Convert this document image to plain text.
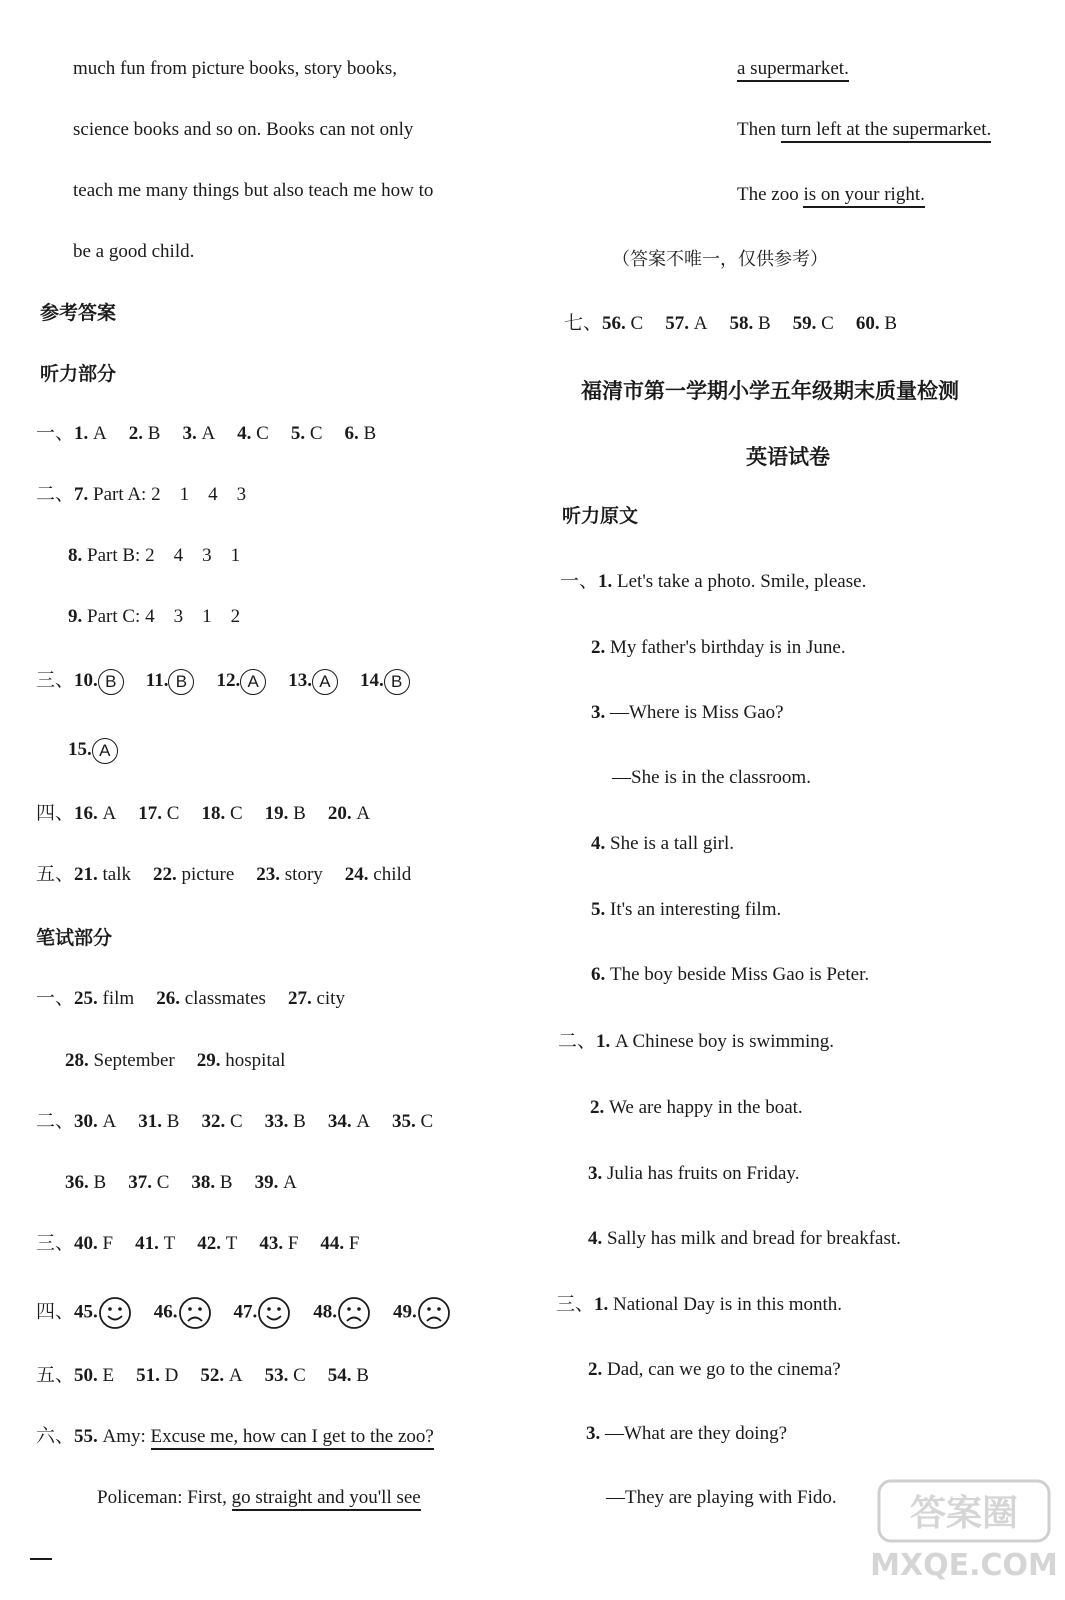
much fun from picture books, story books,
science books and so on. Books can not only
teach me many things but also teach me how to
be a good child.
参考答案
听力部分
一、1. A 2. B 3. A 4. C 5. C 6. B
二、7. Part A: 2　1　4　3
8. Part B: 2　4　3　1
9. Part C: 4　3　1　2
三、10. B 11. B 12. A 13. A 14. B
15. A
四、16. A 17. C 18. C 19. B 20. A
五、21. talk 22. picture 23. story 24. child
笔试部分
一、25. film 26. classmates 27. city
28. September 29. hospital
二、30. A 31. B 32. C 33. B 34. A 35. C
36. B 37. C 38. B 39. A
三、40. F 41. T 42. T 43. F 44. F
四、45.	46.	47.	48.	49.
五、50. E 51. D 52. A 53. C 54. B
六、55. Amy: Excuse me, how can I get to the zoo?
Policeman: First, go straight and you'll see
a supermarket.
Then turn left at the supermarket.
The zoo is on your right.
（答案不唯一，仅供参考）
七、56. C 57. A 58. B 59. C 60. B
福清市第一学期小学五年级期末质量检测
英语试卷
听力原文
一、1. Let's take a photo. Smile, please.
2. My father's birthday is in June.
3. —Where is Miss Gao?
—She is in the classroom.
4. She is a tall girl.
5. It's an interesting film.
6. The boy beside Miss Gao is Peter.
二、1. A Chinese boy is swimming.
2. We are happy in the boat.
3. Julia has fruits on Friday.
4. Sally has milk and bread for breakfast.
三、1. National Day is in this month.
2. Dad, can we go to the cinema?
3. —What are they doing?
—They are playing with Fido. 答案圈
MXQE.COM
